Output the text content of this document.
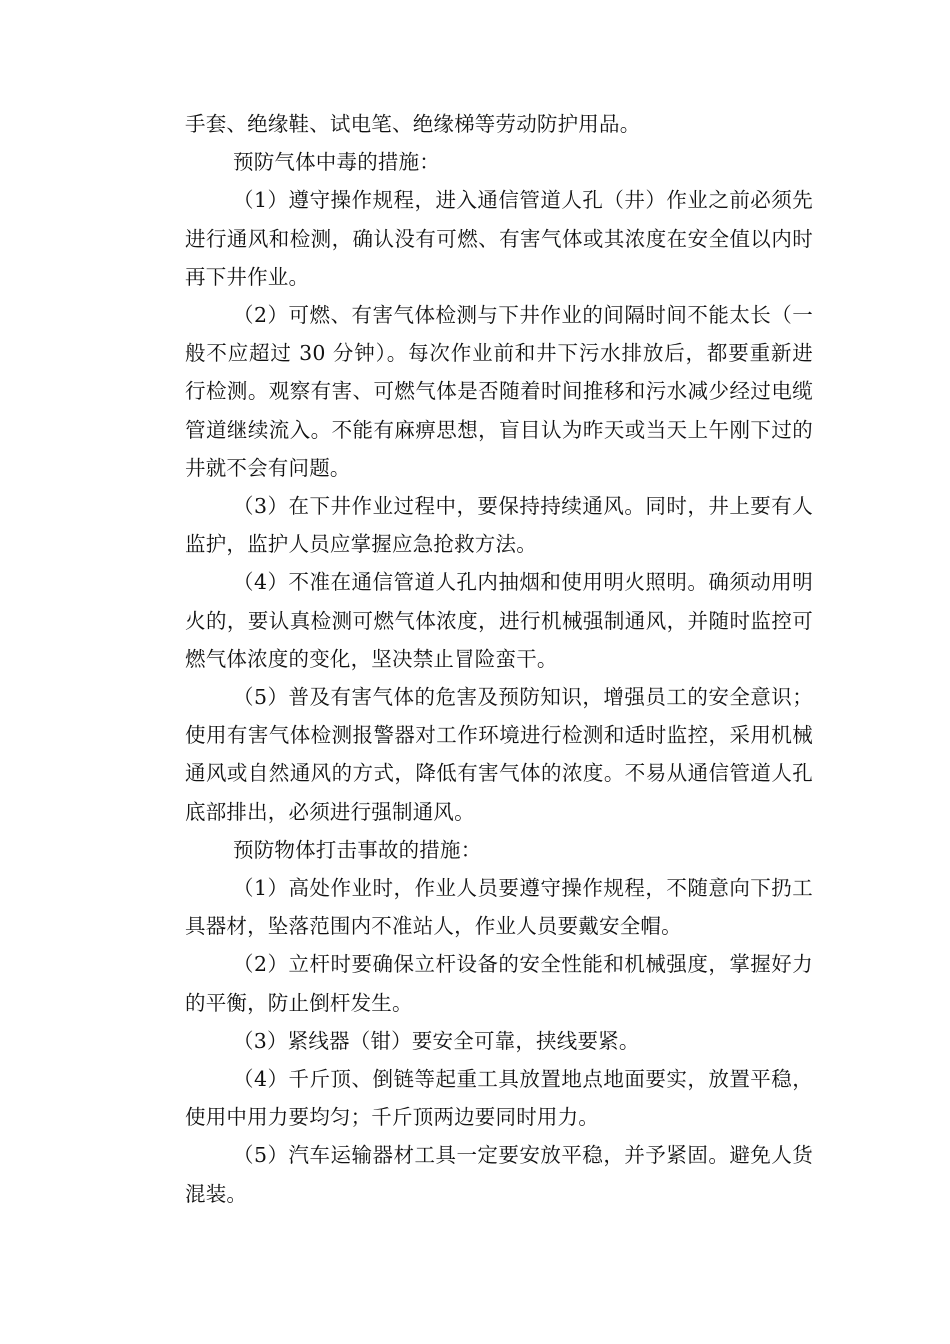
手套、绝缘鞋、试电笔、绝缘梯等劳动防护用品。

预防气体中毒的措施：

（1）遵守操作规程，进入通信管道人孔（井）作业之前必须先进行通风和检测，确认没有可燃、有害气体或其浓度在安全值以内时再下井作业。

（2）可燃、有害气体检测与下井作业的间隔时间不能太长（一般不应超过 30 分钟）。每次作业前和井下污水排放后，都要重新进行检测。观察有害、可燃气体是否随着时间推移和污水减少经过电缆管道继续流入。不能有麻痹思想，盲目认为昨天或当天上午刚下过的井就不会有问题。

（3）在下井作业过程中，要保持持续通风。同时，井上要有人监护，监护人员应掌握应急抢救方法。

（4）不准在通信管道人孔内抽烟和使用明火照明。确须动用明火的，要认真检测可燃气体浓度，进行机械强制通风，并随时监控可燃气体浓度的变化，坚决禁止冒险蛮干。

（5）普及有害气体的危害及预防知识，增强员工的安全意识；使用有害气体检测报警器对工作环境进行检测和适时监控，采用机械通风或自然通风的方式，降低有害气体的浓度。不易从通信管道人孔底部排出，必须进行强制通风。

预防物体打击事故的措施：

（1）高处作业时，作业人员要遵守操作规程，不随意向下扔工具器材，坠落范围内不准站人，作业人员要戴安全帽。

（2）立杆时要确保立杆设备的安全性能和机械强度，掌握好力的平衡，防止倒杆发生。

（3）紧线器（钳）要安全可靠，挟线要紧。

（4）千斤顶、倒链等起重工具放置地点地面要实，放置平稳，使用中用力要均匀；千斤顶两边要同时用力。

（5）汽车运输器材工具一定要安放平稳，并予紧固。避免人货混装。
